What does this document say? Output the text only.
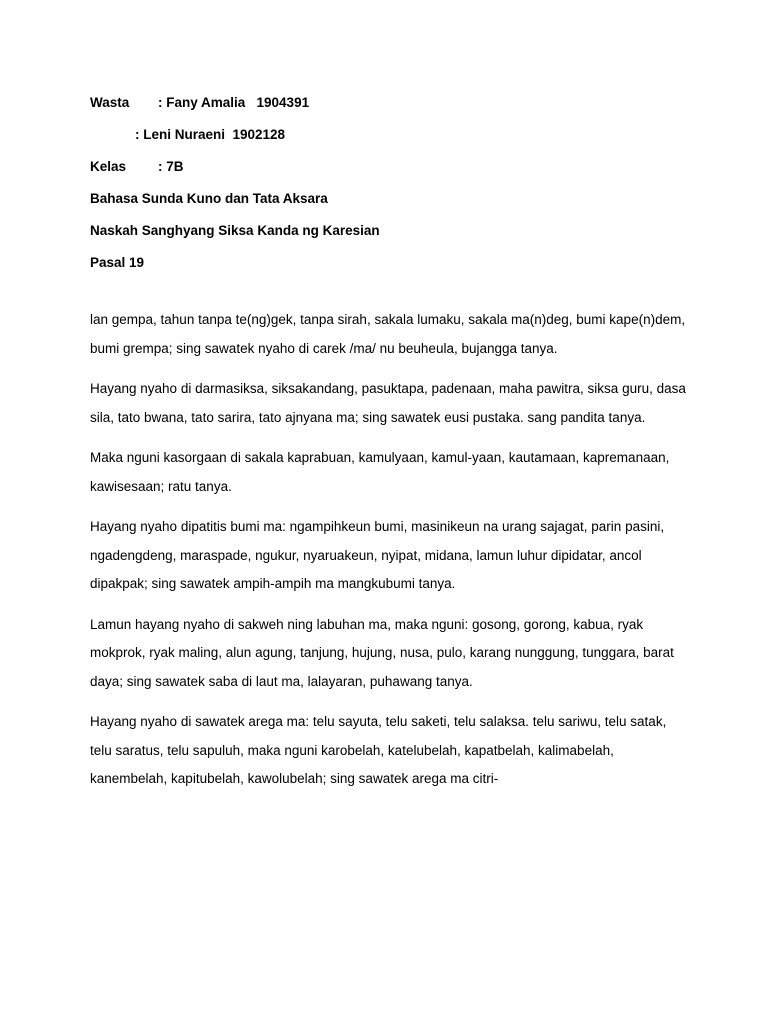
Wasta : Fany Amalia   1904391
: Leni Nuraeni  1902128
Kelas : 7B
Bahasa Sunda Kuno dan Tata Aksara
Naskah Sanghyang Siksa Kanda ng Karesian
Pasal 19

lan gempa, tahun tanpa te(ng)gek, tanpa sirah, sakala lumaku, sakala ma(n)deg, bumi kape(n)dem, bumi grempa; sing sawatek nyaho di carek /ma/ nu beuheula, bujangga tanya.

Hayang nyaho di darmasiksa, siksakandang, pasuktapa, padenaan, maha pawitra, siksa guru, dasa sila, tato bwana, tato sarira, tato ajnyana ma; sing sawatek eusi pustaka. sang pandita tanya.

Maka nguni kasorgaan di sakala kaprabuan, kamulyaan, kamul-yaan, kautamaan, kapremanaan, kawisesaan; ratu tanya.

Hayang nyaho dipatitis bumi ma: ngampihkeun bumi, masinikeun na urang sajagat, parin pasini, ngadengdeng, maraspade, ngukur, nyaruakeun, nyipat, midana, lamun luhur dipidatar, ancol dipakpak; sing sawatek ampih-ampih ma mangkubumi tanya.

Lamun hayang nyaho di sakweh ning labuhan ma, maka nguni: gosong, gorong, kabua, ryak mokprok, ryak maling, alun agung, tanjung, hujung, nusa, pulo, karang nunggung, tunggara, barat daya; sing sawatek saba di laut ma, lalayaran, puhawang tanya.

Hayang nyaho di sawatek arega ma: telu sayuta, telu saketi, telu salaksa. telu sariwu, telu satak, telu saratus, telu sapuluh, maka nguni karobelah, katelubelah, kapatbelah, kalimabelah, kanembelah, kapitubelah, kawolubelah; sing sawatek arega ma citri-
